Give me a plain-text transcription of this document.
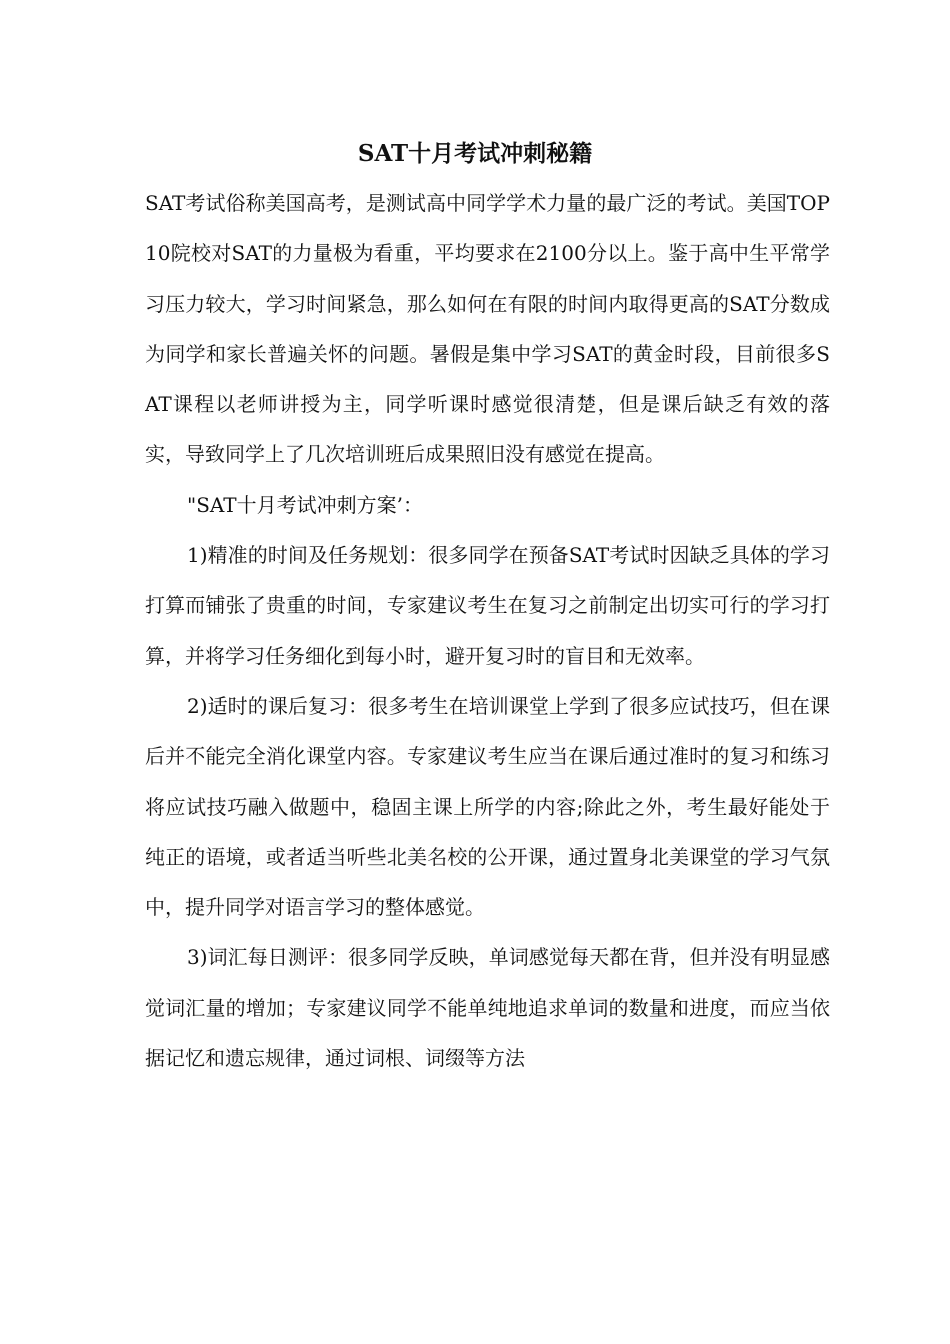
SAT十月考试冲刺秘籍

SAT考试俗称美国高考，是测试高中同学学术力量的最广泛的考试。美国TOP10院校对SAT的力量极为看重，平均要求在2100分以上。鉴于高中生平常学习压力较大，学习时间紧急，那么如何在有限的时间内取得更高的SAT分数成为同学和家长普遍关怀的问题。暑假是集中学习SAT的黄金时段，目前很多SAT课程以老师讲授为主，同学听课时感觉很清楚，但是课后缺乏有效的落实，导致同学上了几次培训班后成果照旧没有感觉在提高。

"SAT十月考试冲刺方案’：

1)精准的时间及任务规划：很多同学在预备SAT考试时因缺乏具体的学习打算而铺张了贵重的时间，专家建议考生在复习之前制定出切实可行的学习打算，并将学习任务细化到每小时，避开复习时的盲目和无效率。

2)适时的课后复习：很多考生在培训课堂上学到了很多应试技巧，但在课后并不能完全消化课堂内容。专家建议考生应当在课后通过准时的复习和练习将应试技巧融入做题中，稳固主课上所学的内容;除此之外，考生最好能处于纯正的语境，或者适当听些北美名校的公开课，通过置身北美课堂的学习气氛中，提升同学对语言学习的整体感觉。

3)词汇每日测评：很多同学反映，单词感觉每天都在背，但并没有明显感觉词汇量的增加；专家建议同学不能单纯地追求单词的数量和进度，而应当依据记忆和遗忘规律，通过词根、词缀等方法
